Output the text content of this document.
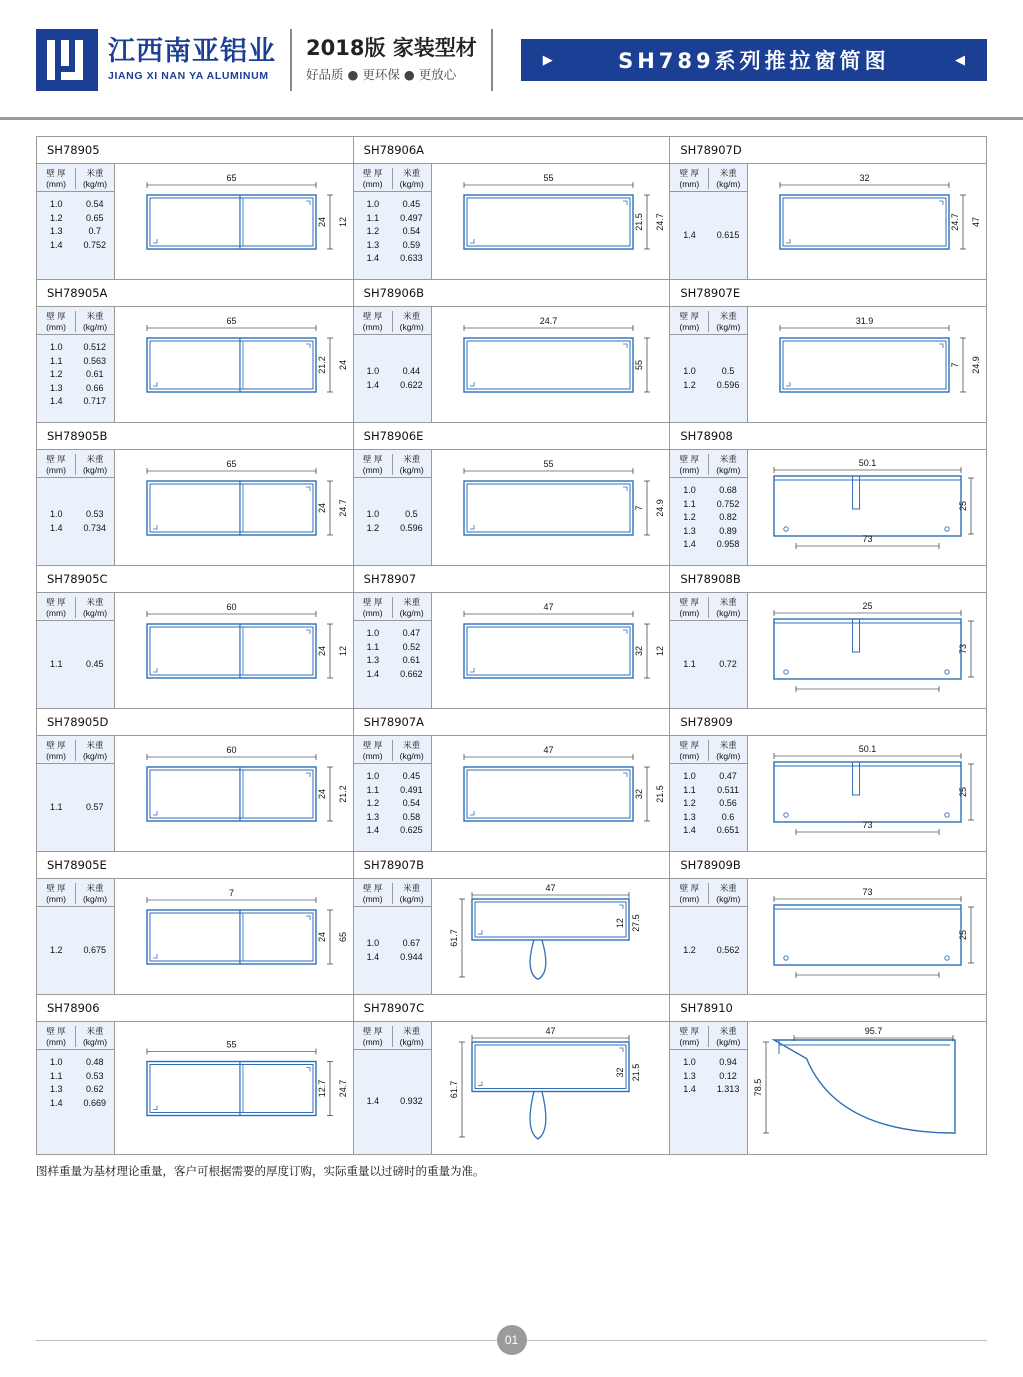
江西南亚铝业
JIANG XI NAN YA ALUMINUM
2018版 家装型材
好品质 ● 更环保 ● 更放心
▶	SH789系列推拉窗简图	◀
SH78905
壁 厚
(mm)
米重
(kg/m)
1.0	0.54
1.2	0.65
1.3	0.7
1.4	0.752
65
24 12
SH78906A
壁 厚
(mm)
米重
(kg/m)
1.0	0.45
1.1	0.497
1.2	0.54
1.3	0.59
1.4	0.633
55
21.5 24.7
SH78907D
壁 厚
(mm)
米重
(kg/m)
1.4	0.615
32
24.7 47
SH78905A
壁 厚
(mm)
米重
(kg/m)
1.0	0.512
1.1	0.563
1.2	0.61
1.3	0.66
1.4	0.717
65
21.2 24
SH78906B
壁 厚
(mm)
米重
(kg/m)
1.0	0.44
1.4	0.622
24.7
55
SH78907E
壁 厚
(mm)
米重
(kg/m)
1.0	0.5
1.2	0.596
31.9
7 24.9
SH78905B
壁 厚
(mm)
米重
(kg/m)
1.0	0.53
1.4	0.734
65
24 24.7
SH78906E
壁 厚
(mm)
米重
(kg/m)
1.0	0.5
1.2	0.596
55
7 24.9
SH78908
壁 厚
(mm)
米重
(kg/m)
1.0	0.68
1.1	0.752
1.2	0.82
1.3	0.89
1.4	0.958
50.1
25
73
SH78905C
壁 厚
(mm)
米重
(kg/m)
1.1	0.45
60
24 12
SH78907
壁 厚
(mm)
米重
(kg/m)
1.0	0.47
1.1	0.52
1.3	0.61
1.4	0.662
47
32 12
SH78908B
壁 厚
(mm)
米重
(kg/m)
1.1	0.72
25
73
SH78905D
壁 厚
(mm)
米重
(kg/m)
1.1	0.57
60
24 21.2
SH78907A
壁 厚
(mm)
米重
(kg/m)
1.0	0.45
1.1	0.491
1.2	0.54
1.3	0.58
1.4	0.625
47
32 21.5
SH78909
壁 厚
(mm)
米重
(kg/m)
1.0	0.47
1.1	0.511
1.2	0.56
1.3	0.6
1.4	0.651
50.1
25
73
SH78905E
壁 厚
(mm)
米重
(kg/m)
1.2	0.675
7
24 65
SH78907B
壁 厚
(mm)
米重
(kg/m)
1.0	0.67
1.4	0.944
47
61.7
27.5
12
SH78909B
壁 厚
(mm)
米重
(kg/m)
1.2	0.562
73
25
SH78906
壁 厚
(mm)
米重
(kg/m)
1.0	0.48
1.1	0.53
1.3	0.62
1.4	0.669
55
12.7 24.7
SH78907C
壁 厚
(mm)
米重
(kg/m)
1.4	0.932
47
61.7
21.5
32
SH78910
壁 厚
(mm)
米重
(kg/m)
1.0	0.94
1.3	0.12
1.4	1.313
95.7
78.5
图样重量为基材理论重量，客户可根据需要的厚度订购，实际重量以过磅时的重量为准。
01
